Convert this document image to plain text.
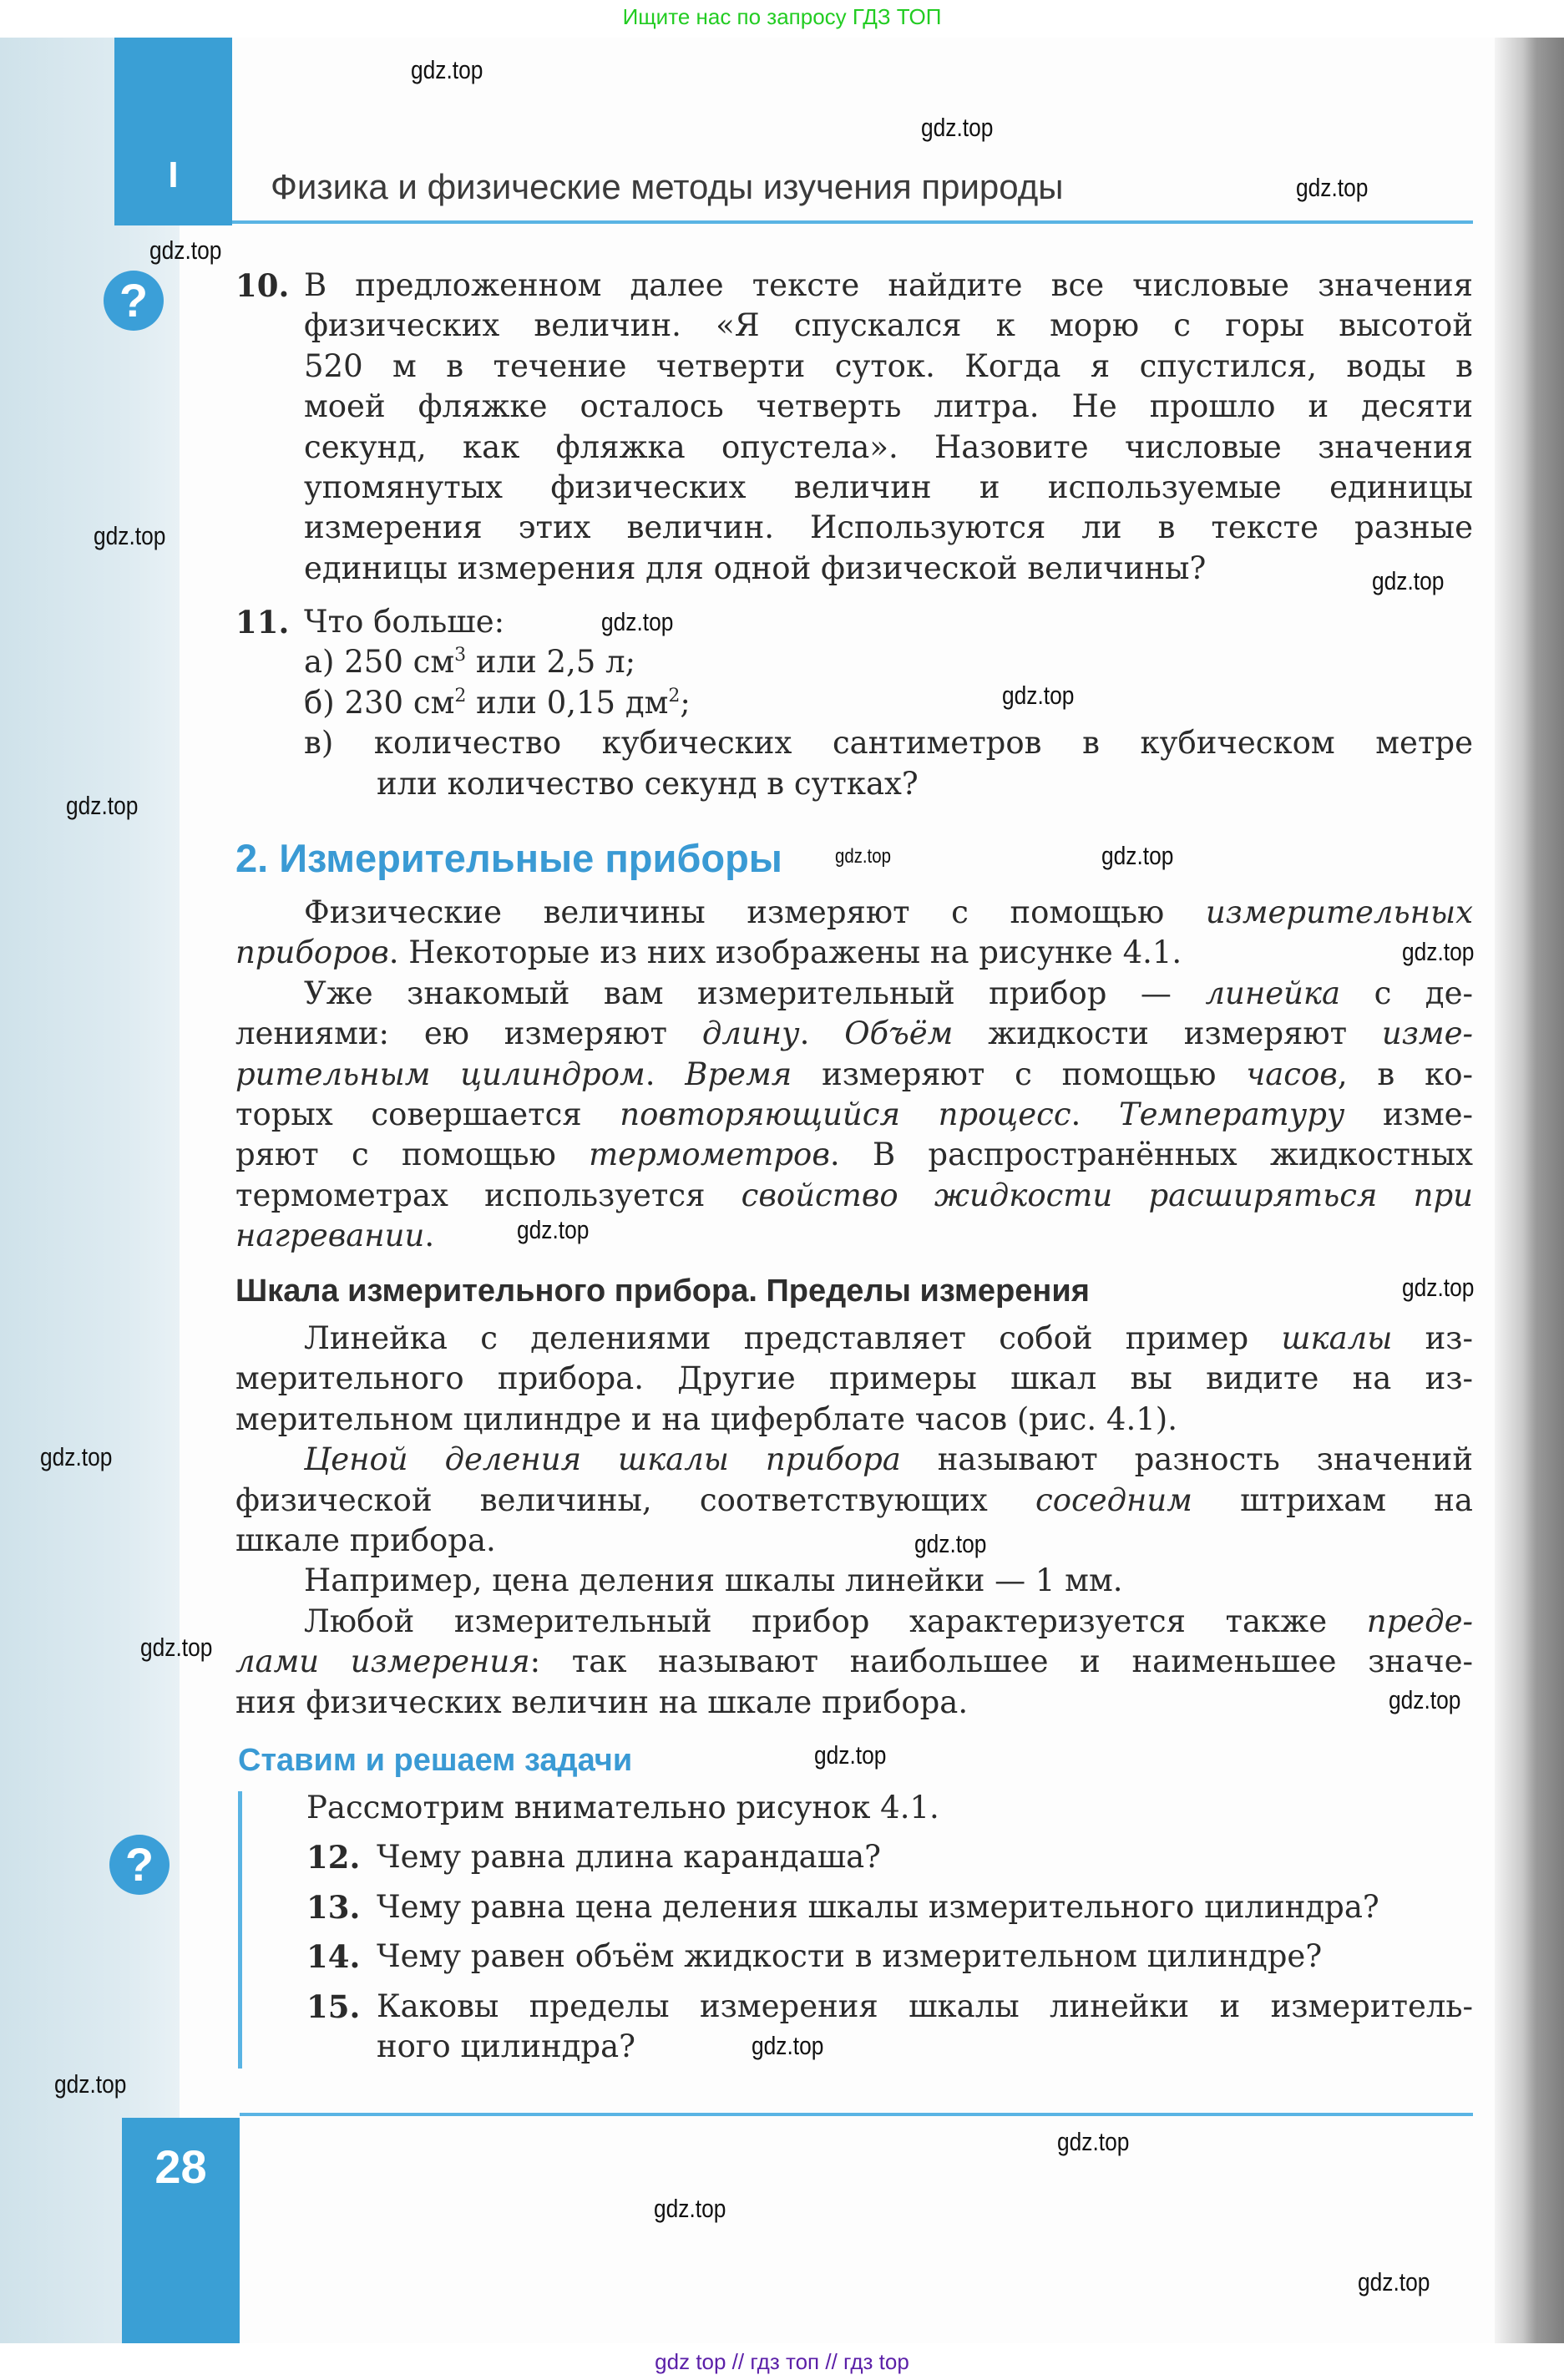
Ищите нас по запросу ГДЗ ТОП
I	Физика и физические методы изучения природы
?	10. В предложенном далее тексте найдите все числовые значения
физических величин. «Я спускался к морю с горы высотой
520 м в течение четверти суток. Когда я спустился, воды в
моей фляжке осталось четверть литра. Не прошло и десяти
секунд, как фляжка опустела». Назовите числовые значения
упомянутых физических величин и используемые единицы
измерения этих величин. Используются ли в тексте разные
единицы измерения для одной физической величины?
11. Что больше:
а) 250 $см^3$ или 2,5 л;
б) 230 $см^2$ или 0,15 $дм^2$;
в) количество кубических сантиметров в кубическом метре
или количество секунд в сутках?
2. Измерительные приборы
Физические величины измеряют с помощью измерительных
приборов. Некоторые из них изображены на рисунке 4.1.
Уже знакомый вам измерительный прибор — линейка с де-
лениями: ею измеряют длину. Объём жидкости измеряют изме-
рительным цилиндром. Время измеряют с помощью часов, в ко-
торых совершается повторяющийся процесс. Температуру изме-
ряют с помощью термометров. В распространённых жидкостных
термометрах используется свойство жидкости расширяться при
нагревании.
Шкала измерительного прибора. Пределы измерения
Линейка с делениями представляет собой пример шкалы из-
мерительного прибора. Другие примеры шкал вы видите на из-
мерительном цилиндре и на циферблате часов (рис. 4.1).
Ценой деления шкалы прибора называют разность значений
физической величины, соответствующих соседним штрихам на
шкале прибора.
Например, цена деления шкалы линейки — 1 мм.
Любой измерительный прибор характеризуется также преде-
лами измерения: так называют наибольшее и наименьшее значе-
ния физических величин на шкале прибора.
Ставим и решаем задачи
?
Рассмотрим внимательно рисунок 4.1.
12. Чему равна длина карандаша?
13. Чему равна цена деления шкалы измерительного цилиндра?
14. Чему равен объём жидкости в измерительном цилиндре?
15. Каковы пределы измерения шкалы линейки и измеритель-
ного цилиндра?
28
gdz top // гдз топ // гдз top
gdz.top
gdz.top
gdz.top
gdz.top
gdz.top
gdz.top
gdz.top
gdz.top
gdz.top
gdz.top
gdz.top
gdz.top
gdz.top
gdz.top
gdz.top
gdz.top
gdz.top
gdz.top
gdz.top
gdz.top
gdz.top
gdz.top
gdz.top
gdz.top
